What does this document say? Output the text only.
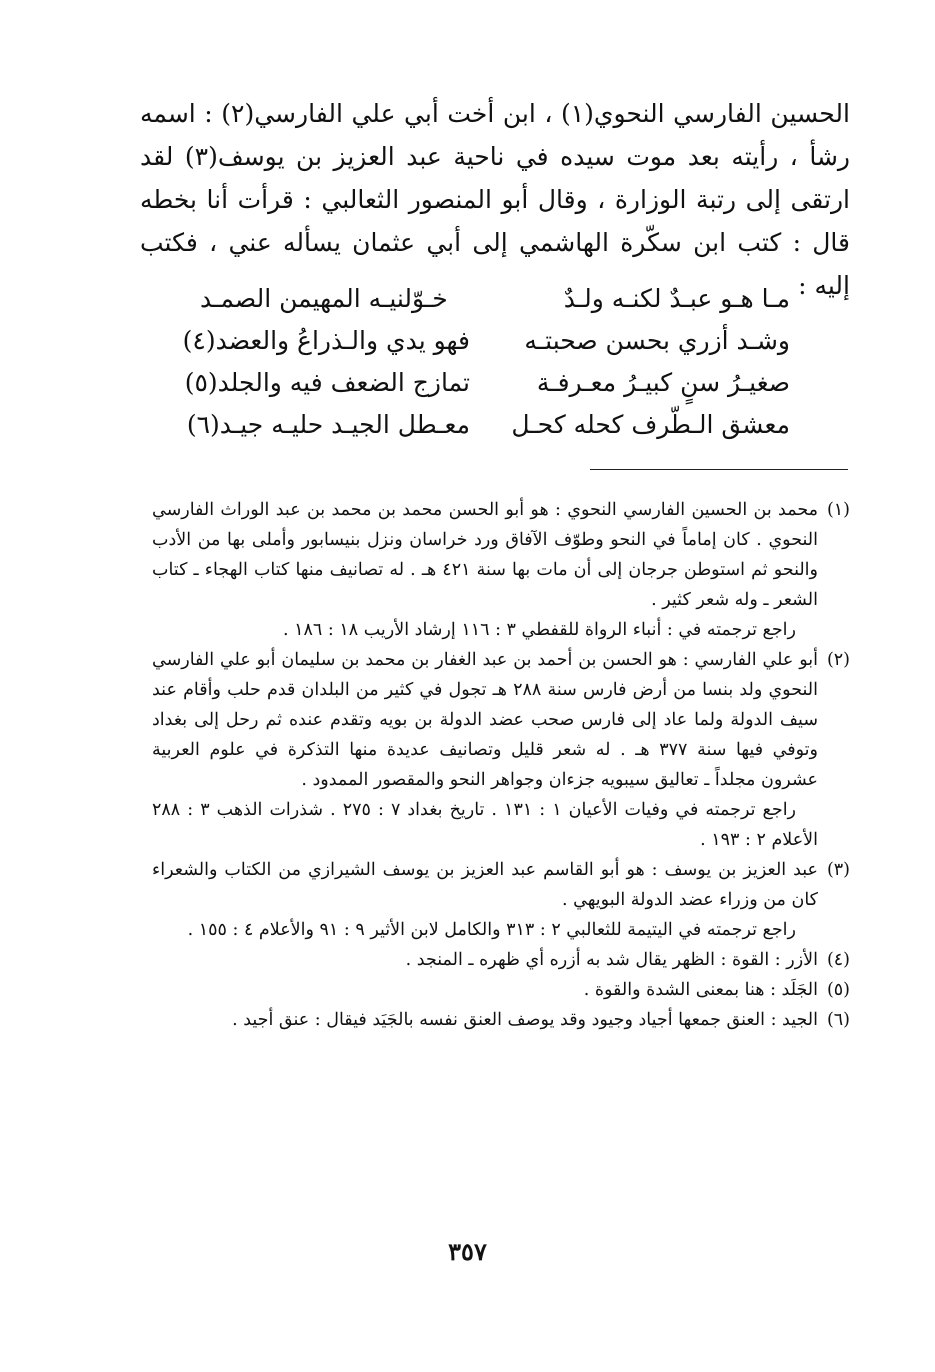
الحسين الفارسي النحوي(١) ، ابن أخت أبي علي الفارسي(٢) : اسمه رشأ ، رأيته بعد موت سيده في ناحية عبد العزيز بن يوسف(٣) لقد ارتقى إلى رتبة الوزارة ، وقال أبو المنصور الثعالبي : قرأت أنا بخطه قال : كتب ابن سكّرة الهاشمي إلى أبي عثمان يسأله عني ، فكتب إليه :

مـا هـو عبـدٌ لكنـه ولـدٌ
خـوّلنيـه المهيمن الصمـد
وشـد أزري بحسن صحبتـه
فهو يدي والـذراعُ والعضد(٤)
صغيـرُ سنٍ كبيـرُ معـرفـة
تمازج الضعف فيه والجلد(٥)
معشق الـطّرف كحله كحـل
معـطل الجيـد حليـه جيـد(٦)
(١)
محمد بن الحسين الفارسي النحوي : هو أبو الحسن محمد بن محمد بن عبد الوراث الفارسي النحوي . كان إماماً في النحو وطوّف الآفاق ورد خراسان ونزل بنيسابور وأملى بها من الأدب والنحو ثم استوطن جرجان إلى أن مات بها سنة ٤٢١ هـ . له تصانيف منها كتاب الهجاء ـ كتاب الشعر ـ وله شعر كثير .
راجع ترجمته في : أنباء الرواة للقفطي ٣ : ١١٦ إرشاد الأريب ١٨ : ١٨٦ .
(٢)
أبو علي الفارسي : هو الحسن بن أحمد بن عبد الغفار بن محمد بن سليمان أبو علي الفارسي النحوي ولد بنسا من أرض فارس سنة ٢٨٨ هـ تجول في كثير من البلدان قدم حلب وأقام عند سيف الدولة ولما عاد إلى فارس صحب عضد الدولة بن بويه وتقدم عنده ثم رحل إلى بغداد وتوفي فيها سنة ٣٧٧ هـ . له شعر قليل وتصانيف عديدة منها التذكرة في علوم العربية عشرون مجلداً ـ تعاليق سيبويه جزءان وجواهر النحو والمقصور الممدود .
راجع ترجمته في وفيات الأعيان ١ : ١٣١ . تاريخ بغداد ٧ : ٢٧٥ . شذرات الذهب ٣ : ٢٨٨ الأعلام ٢ : ١٩٣ .
(٣)
عبد العزيز بن يوسف : هو أبو القاسم عبد العزيز بن يوسف الشيرازي من الكتاب والشعراء كان من وزراء عضد الدولة البويهي .
راجع ترجمته في اليتيمة للثعالبي ٢ : ٣١٣ والكامل لابن الأثير ٩ : ٩١ والأعلام ٤ : ١٥٥ .
(٤)
الأزر : القوة : الظهر يقال شد به أزره أي ظهره ـ المنجد .
(٥)
الجَلَد : هنا بمعنى الشدة والقوة .
(٦)
الجيد : العنق جمعها أجياد وجيود وقد يوصف العنق نفسه بالجَيَد فيقال : عنق أجيد .
٣٥٧
